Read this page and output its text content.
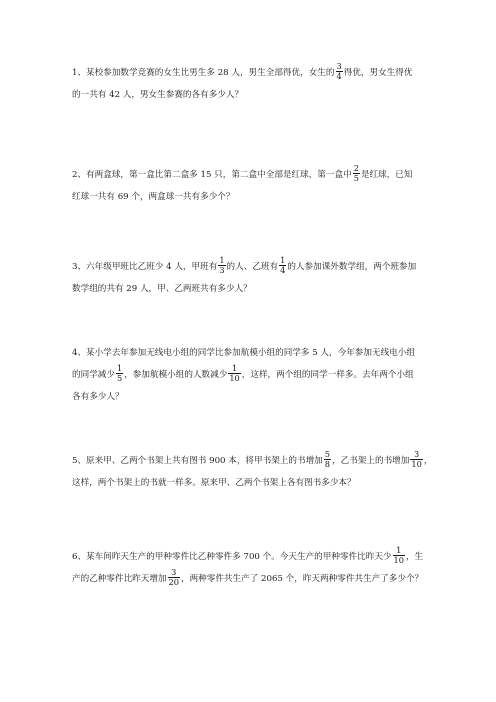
1、某校参加数学竞赛的女生比男生多 28 人，男生全部得优，女生的 $\frac{3}{4}$ 得优，男女生得优
的一共有 42 人，男女生参赛的各有多少人？
2、有两盒球，第一盒比第二盒多 15 只，第二盒中全部是红球，第一盒中 $\frac{2}{5}$ 是红球，已知
红球一共有 69 个，两盒球一共有多少个？
3、六年级甲班比乙班少 4 人，甲班有 $\frac{1}{3}$ 的人、乙班有 $\frac{1}{4}$ 的人参加课外数学组，两个班参加
数学组的共有 29 人，甲、乙两班共有多少人？
4、某小学去年参加无线电小组的同学比参加航模小组的同学多 5 人，今年参加无线电小组
的同学减少 $\frac{1}{5}$ ，参加航模小组的人数减少 $\frac{1}{10}$ ，这样，两个组的同学一样多。去年两个小组
各有多少人？
5、原来甲、乙两个书架上共有图书 900 本，将甲书架上的书增加 $\frac{5}{8}$ ，乙书架上的书增加 $\frac{3}{10}$ ，
这样，两个书架上的书就一样多。原来甲、乙两个书架上各有图书多少本？
6、某车间昨天生产的甲种零件比乙种零件多 700 个。今天生产的甲种零件比昨天少 $\frac{1}{10}$ ，生
产的乙种零件比昨天增加 $\frac{3}{20}$ ，两种零件共生产了 2065 个，昨天两种零件共生产了多少个？
